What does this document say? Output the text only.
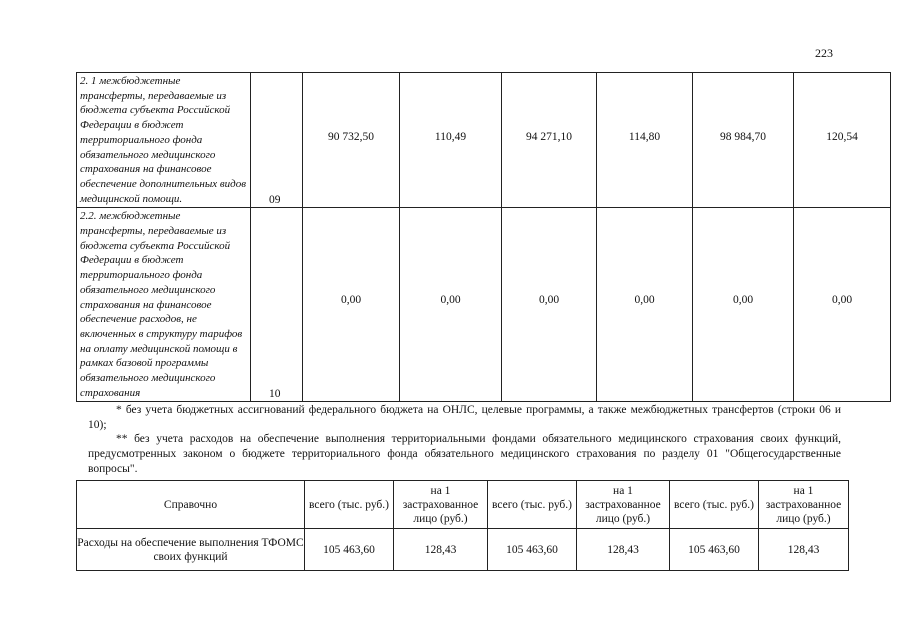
223
2. 1 межбюджетные трансферты, передаваемые из бюджета субъекта Российской Федерации в бюджет территориального фонда обязательного медицинского страхования на финансовое обеспечение дополнительных видов медицинской помощи.	09	90 732,50	110,49	94 271,10	114,80	98 984,70	120,54
2.2. межбюджетные трансферты, передаваемые из бюджета субъекта Российской Федерации в бюджет территориального фонда обязательного медицинского страхования на финансовое обеспечение расходов, не включенных в структуру тарифов на оплату медицинской помощи в рамках базовой программы обязательного медицинского страхования	10	0,00	0,00	0,00	0,00	0,00	0,00
* без учета бюджетных ассигнований федерального бюджета на ОНЛС, целевые программы, а также межбюджетных трансфертов (строки 06 и 10);
** без учета расходов на обеспечение выполнения территориальными фондами обязательного медицинского страхования своих функций, предусмотренных законом о бюджете территориального фонда обязательного медицинского страхования по разделу 01 "Общегосударственные вопросы".
Справочно	всего (тыс. руб.)	на 1 застрахованное лицо (руб.)	всего (тыс. руб.)	на 1 застрахованное лицо (руб.)	всего (тыс. руб.)	на 1 застрахованное лицо (руб.)
Расходы на обеспечение выполнения ТФОМС своих функций	105 463,60	128,43	105 463,60	128,43	105 463,60	128,43
